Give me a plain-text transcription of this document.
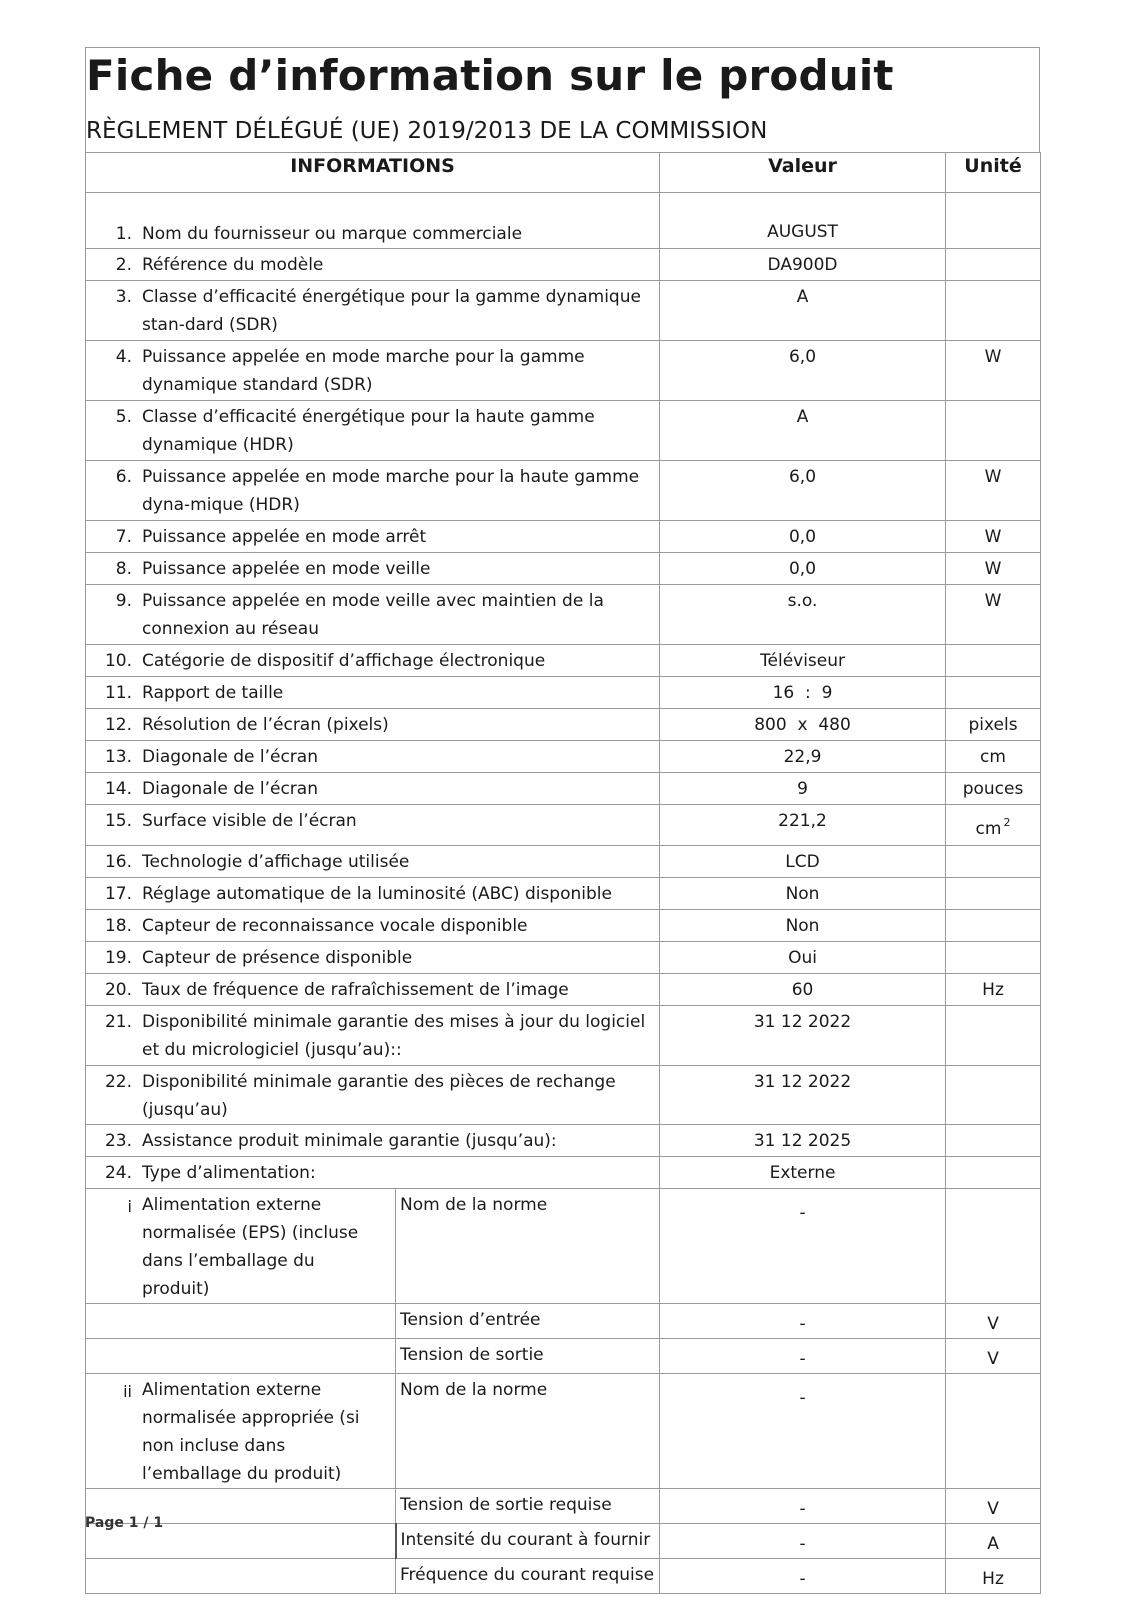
Fiche d’information sur le produit
RÈGLEMENT DÉLÉGUÉ (UE) 2019/2013 DE LA COMMISSION
INFORMATIONS		Valeur	Unité

1. Nom du fournisseur ou marque commerciale		AUGUST	

2. Référence du modèle		DA900D	

3. Classe d’efficacité énergétique pour la gamme dynamique stan-dard (SDR)		A	

4. Puissance appelée en mode marche pour la gamme dynamique standard (SDR)		6,0	W

5. Classe d’efficacité énergétique pour la haute gamme dynamique (HDR)		A	

6. Puissance appelée en mode marche pour la haute gamme dyna-mique (HDR)		6,0	W

7. Puissance appelée en mode arrêt		0,0	W

8. Puissance appelée en mode veille		0,0	W

9. Puissance appelée en mode veille avec maintien de la connexion au réseau		s.o.	W

10. Catégorie de dispositif d’affichage électronique		Téléviseur	

11. Rapport de taille		16  :  9	

12. Résolution de l’écran (pixels)		800  x  480	pixels

13. Diagonale de l’écran		22,9	cm

14. Diagonale de l’écran		9	pouces

15. Surface visible de l’écran		221,2	cm $^2$

16. Technologie d’affichage utilisée		LCD	

17. Réglage automatique de la luminosité (ABC) disponible		Non	

18. Capteur de reconnaissance vocale disponible		Non	

19. Capteur de présence disponible		Oui	

20. Taux de fréquence de rafraîchissement de l’image		60	Hz

21. Disponibilité minimale garantie des mises à jour du logiciel et du micrologiciel (jusqu’au)::		31 12 2022	

22. Disponibilité minimale garantie des pièces de rechange (jusqu’au)		31 12 2022	

23. Assistance produit minimale garantie (jusqu’au):		31 12 2025	

24. Type d’alimentation:		Externe	

i Alimentation externe normalisée (EPS) (incluse dans l’emballage du produit)	Nom de la norme	-	
	Tension d’entrée	-	V
	Tension de sortie	-	V

ii Alimentation externe normalisée appropriée (si non incluse dans l’emballage du produit)	Nom de la norme	-	
	Tension de sortie requise	-	V
	Intensité du courant à fournir	-	A
	Fréquence du courant requise	-	Hz
Page 1 / 1
